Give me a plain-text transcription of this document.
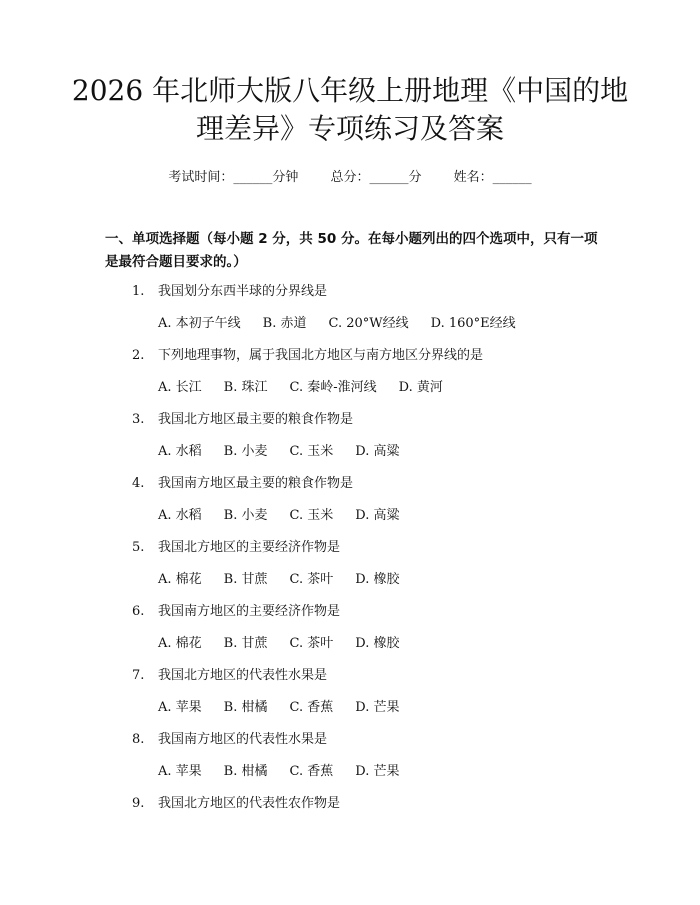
2026 年北师大版八年级上册地理《中国的地
理差异》专项练习及答案
考试时间：______分钟 总分：______分 姓名：______
一、单项选择题（每小题 2 分，共 50 分。在每小题列出的四个选项中，只有一项
是最符合题目要求的。）
1. 我国划分东西半球的分界线是
A. 本初子午线 B. 赤道 C. 20°W经线 D. 160°E经线
2. 下列地理事物，属于我国北方地区与南方地区分界线的是
A. 长江 B. 珠江 C. 秦岭-淮河线 D. 黄河
3. 我国北方地区最主要的粮食作物是
A. 水稻 B. 小麦 C. 玉米 D. 高粱
4. 我国南方地区最主要的粮食作物是
A. 水稻 B. 小麦 C. 玉米 D. 高粱
5. 我国北方地区的主要经济作物是
A. 棉花 B. 甘蔗 C. 茶叶 D. 橡胶
6. 我国南方地区的主要经济作物是
A. 棉花 B. 甘蔗 C. 茶叶 D. 橡胶
7. 我国北方地区的代表性水果是
A. 苹果 B. 柑橘 C. 香蕉 D. 芒果
8. 我国南方地区的代表性水果是
A. 苹果 B. 柑橘 C. 香蕉 D. 芒果
9. 我国北方地区的代表性农作物是
